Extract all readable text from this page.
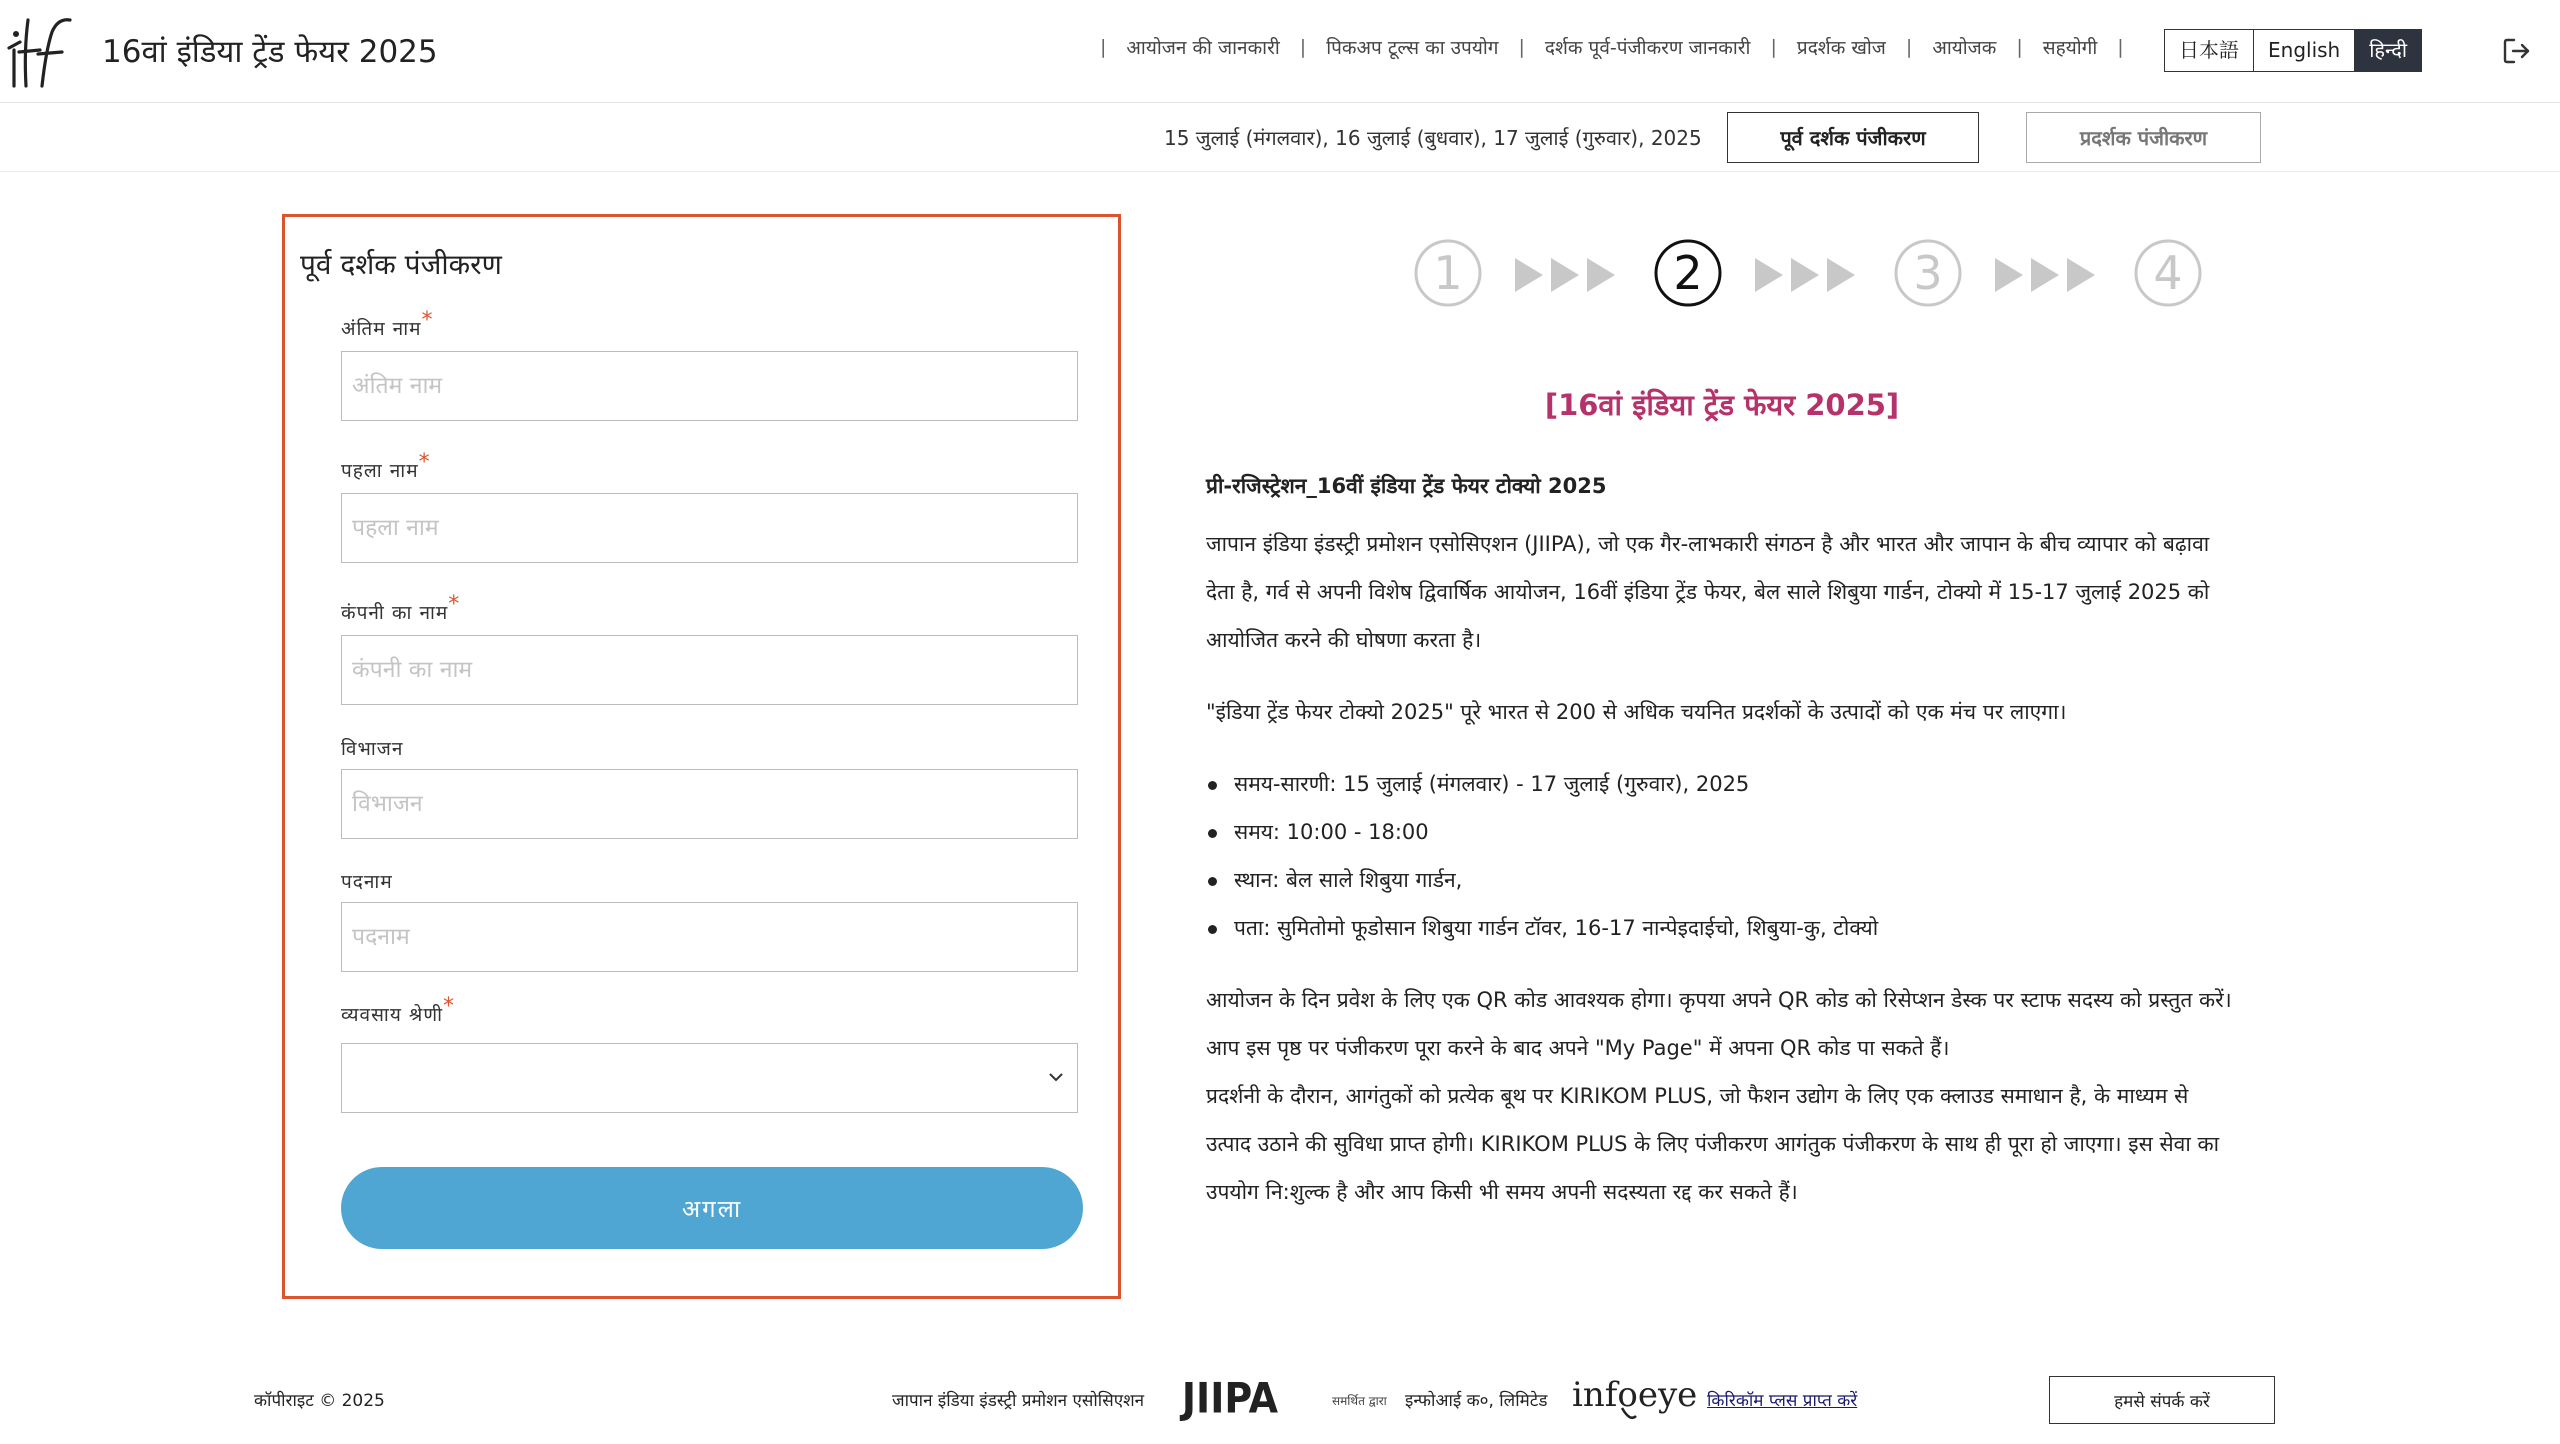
16वां इंडिया ट्रेंड फेयर 2025	|	आयोजन की जानकारी	|	पिकअप टूल्स का उपयोग	|	दर्शक पूर्व-पंजीकरण जानकारी	|	प्रदर्शक खोज	|	आयोजक	|	सहयोगी	|	日本語	English	हिन्दी
15 जुलाई (मंगलवार), 16 जुलाई (बुधवार), 17 जुलाई (गुरुवार), 2025	पूर्व दर्शक पंजीकरण	प्रदर्शक पंजीकरण
पूर्व दर्शक पंजीकरण
अंतिम नाम*
अंतिम नाम
पहला नाम*
पहला नाम
कंपनी का नाम*
कंपनी का नाम
विभाजन
विभाजन
पदनाम
पदनाम
व्यवसाय श्रेणी*
अगला
1	2	3	4
[16वां इंडिया ट्रेंड फेयर 2025]
प्री-रजिस्ट्रेशन_16वीं इंडिया ट्रेंड फेयर टोक्यो 2025

जापान इंडिया इंडस्ट्री प्रमोशन एसोसिएशन (JIIPA), जो एक गैर-लाभकारी संगठन है और भारत और जापान के बीच व्यापार को बढ़ावा देता है, गर्व से अपनी विशेष द्विवार्षिक आयोजन, 16वीं इंडिया ट्रेंड फेयर, बेल साले शिबुया गार्डन, टोक्यो में 15-17 जुलाई 2025 को आयोजित करने की घोषणा करता है।

"इंडिया ट्रेंड फेयर टोक्यो 2025" पूरे भारत से 200 से अधिक चयनित प्रदर्शकों के उत्पादों को एक मंच पर लाएगा।

समय-सारणी: 15 जुलाई (मंगलवार) - 17 जुलाई (गुरुवार), 2025
समय: 10:00 - 18:00
स्थान: बेल साले शिबुया गार्डन,
पता: सुमितोमो फूडोसान शिबुया गार्डन टॉवर, 16-17 नान्पेइदाईचो, शिबुया-कु, टोक्यो

आयोजन के दिन प्रवेश के लिए एक QR कोड आवश्यक होगा। कृपया अपने QR कोड को रिसेप्शन डेस्क पर स्टाफ सदस्य को प्रस्तुत करें। आप इस पृष्ठ पर पंजीकरण पूरा करने के बाद अपने "My Page" में अपना QR कोड पा सकते हैं।

प्रदर्शनी के दौरान, आगंतुकों को प्रत्येक बूथ पर KIRIKOM PLUS, जो फैशन उद्योग के लिए एक क्लाउड समाधान है, के माध्यम से उत्पाद उठाने की सुविधा प्राप्त होगी। KIRIKOM PLUS के लिए पंजीकरण आगंतुक पंजीकरण के साथ ही पूरा हो जाएगा। इस सेवा का उपयोग नि:शुल्क है और आप किसी भी समय अपनी सदस्यता रद्द कर सकते हैं।

कॉपीराइट © 2025	जापान इंडिया इंडस्ट्री प्रमोशन एसोसिएशन JIIPA	समर्थित द्वारा इन्फोआई क०, लिमिटेड infoeye किरिकॉम प्लस प्राप्त करें	हमसे संपर्क करें
